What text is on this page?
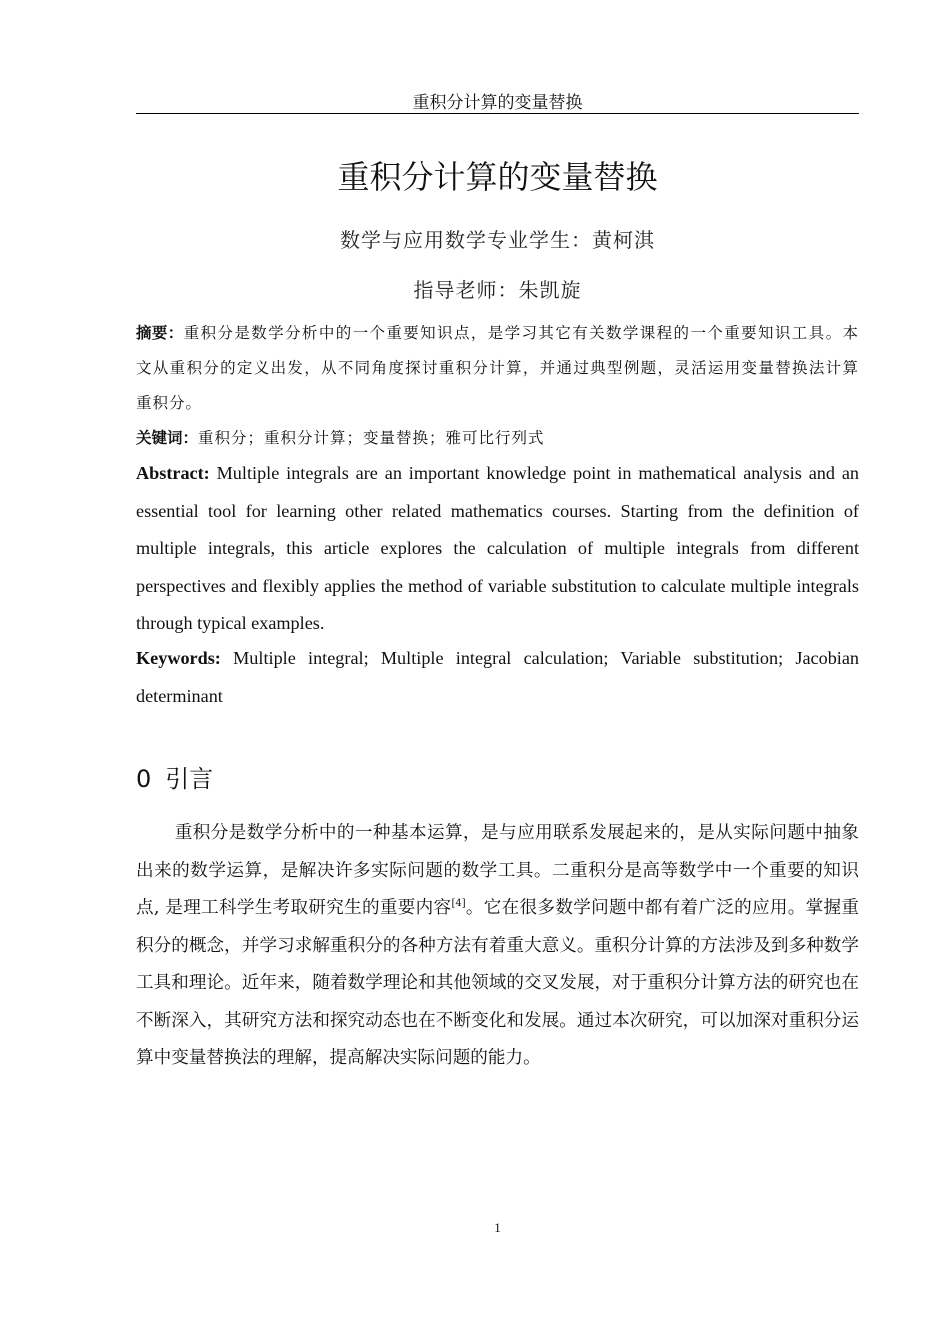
重积分计算的变量替换
重积分计算的变量替换
数学与应用数学专业学生：黄柯淇
指导老师：朱凯旋
摘要：重积分是数学分析中的一个重要知识点，是学习其它有关数学课程的一个重要知识工具。本文从重积分的定义出发，从不同角度探讨重积分计算，并通过典型例题，灵活运用变量替换法计算重积分。
关键词：重积分；重积分计算；变量替换；雅可比行列式
Abstract: Multiple integrals are an important knowledge point in mathematical analysis and an essential tool for learning other related mathematics courses. Starting from the definition of multiple integrals, this article explores the calculation of multiple integrals from different perspectives and flexibly applies the method of variable substitution to calculate multiple integrals through typical examples.
Keywords: Multiple integral; Multiple integral calculation; Variable substitution; Jacobian determinant
0 引言

重积分是数学分析中的一种基本运算，是与应用联系发展起来的，是从实际问题中抽象出来的数学运算，是解决许多实际问题的数学工具。二重积分是高等数学中一个重要的知识点, 是理工科学生考取研究生的重要内容[4]。它在很多数学问题中都有着广泛的应用。掌握重积分的概念，并学习求解重积分的各种方法有着重大意义。重积分计算的方法涉及到多种数学工具和理论。近年来，随着数学理论和其他领域的交叉发展，对于重积分计算方法的研究也在不断深入，其研究方法和探究动态也在不断变化和发展。通过本次研究，可以加深对重积分运算中变量替换法的理解，提高解决实际问题的能力。

1
